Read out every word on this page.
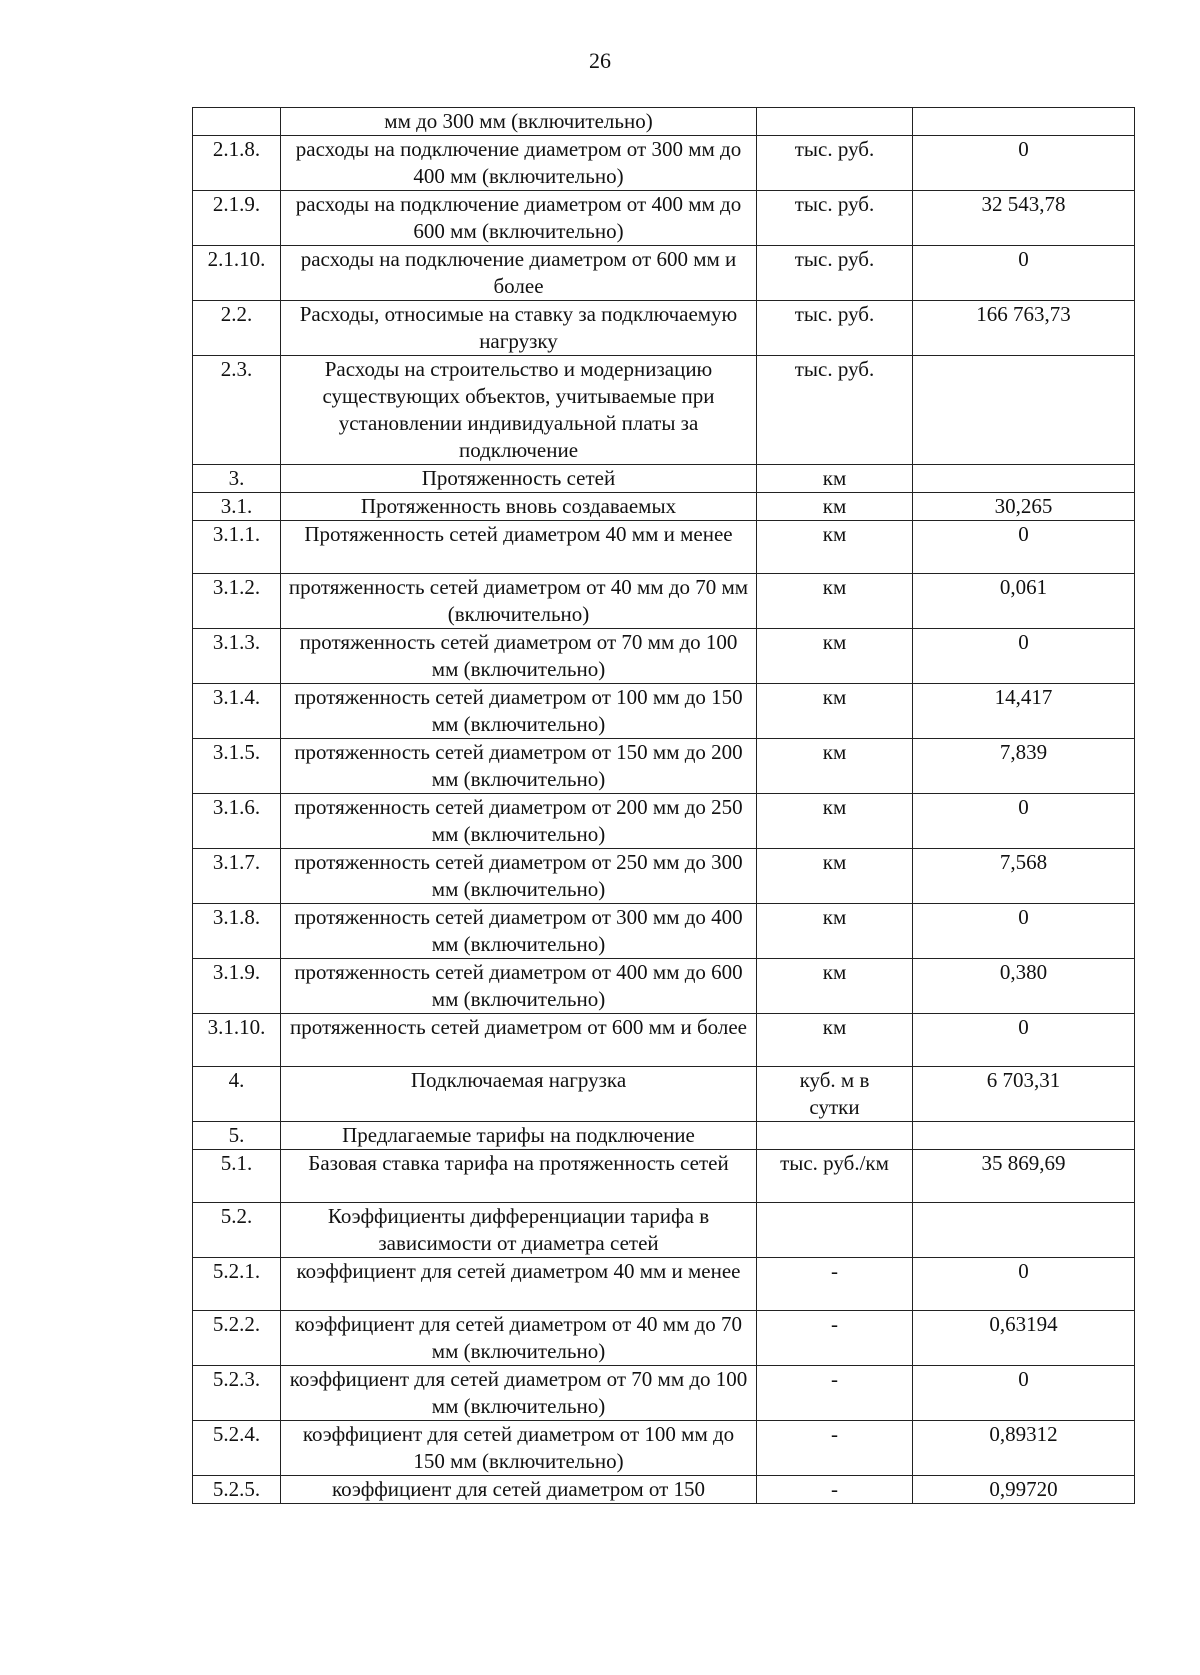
26
	мм до 300 мм (включительно)		
2.1.8.	расходы на подключение диаметром от 300 мм до 400 мм (включительно)	тыс. руб.	0
2.1.9.	расходы на подключение диаметром от 400 мм до 600 мм (включительно)	тыс. руб.	32 543,78
2.1.10.	расходы на подключение диаметром от 600 мм и более	тыс. руб.	0
2.2.	Расходы, относимые на ставку за подключаемую нагрузку	тыс. руб.	166 763,73
2.3.	Расходы на строительство и модернизацию существующих объектов, учитываемые при установлении индивидуальной платы за подключение	тыс. руб.	
3.	Протяженность сетей	км	
3.1.	Протяженность вновь создаваемых	км	30,265
3.1.1.	Протяженность сетей диаметром 40 мм и менее	км	0
3.1.2.	протяженность сетей диаметром от 40 мм до 70 мм (включительно)	км	0,061
3.1.3.	протяженность сетей диаметром от 70 мм до 100 мм (включительно)	км	0
3.1.4.	протяженность сетей диаметром от 100 мм до 150 мм (включительно)	км	14,417
3.1.5.	протяженность сетей диаметром от 150 мм до 200 мм (включительно)	км	7,839
3.1.6.	протяженность сетей диаметром от 200 мм до 250 мм (включительно)	км	0
3.1.7.	протяженность сетей диаметром от 250 мм до 300 мм (включительно)	км	7,568
3.1.8.	протяженность сетей диаметром от 300 мм до 400 мм (включительно)	км	0
3.1.9.	протяженность сетей диаметром от 400 мм до 600 мм (включительно)	км	0,380
3.1.10.	протяженность сетей диаметром от 600 мм и более	км	0
4.	Подключаемая нагрузка	куб. м в сутки	6 703,31
5.	Предлагаемые тарифы на подключение		
5.1.	Базовая ставка тарифа на протяженность сетей	тыс. руб./км	35 869,69
5.2.	Коэффициенты дифференциации тарифа в зависимости от диаметра сетей		
5.2.1.	коэффициент для сетей диаметром 40 мм и менее	-	0
5.2.2.	коэффициент для сетей диаметром от 40 мм до 70 мм (включительно)	-	0,63194
5.2.3.	коэффициент для сетей диаметром от 70 мм до 100 мм (включительно)	-	0
5.2.4.	коэффициент для сетей диаметром от 100 мм до 150 мм (включительно)	-	0,89312
5.2.5.	коэффициент для сетей диаметром от 150	-	0,99720
